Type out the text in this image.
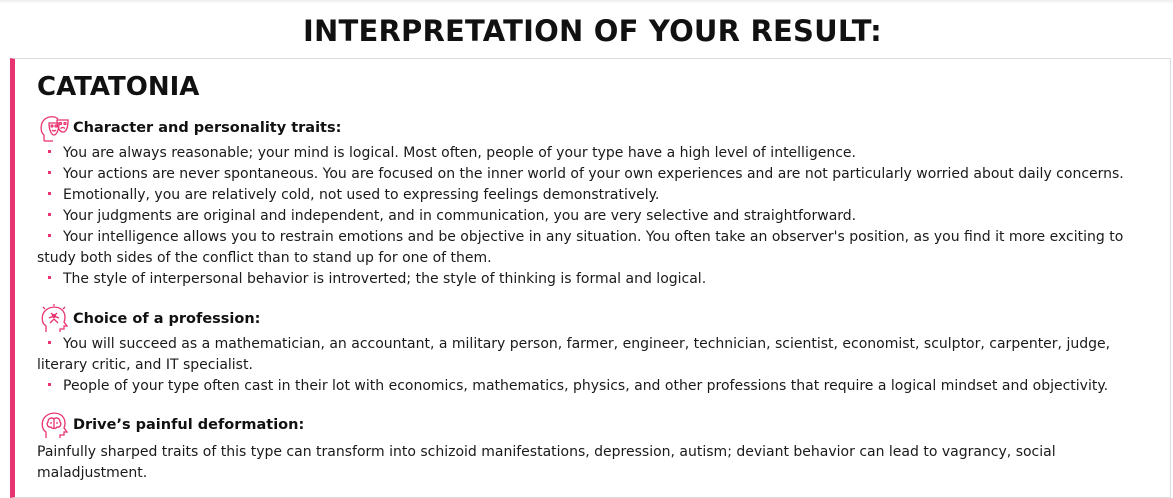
INTERPRETATION OF YOUR RESULT:
CATATONIA
Character and personality traits:
You are always reasonable; your mind is logical. Most often, people of your type have a high level of intelligence.
Your actions are never spontaneous. You are focused on the inner world of your own experiences and are not particularly worried about daily concerns.
Emotionally, you are relatively cold, not used to expressing feelings demonstratively.
Your judgments are original and independent, and in communication, you are very selective and straightforward.
Your intelligence allows you to restrain emotions and be objective in any situation. You often take an observer's position, as you find it more exciting to study both sides of the conflict than to stand up for one of them.
The style of interpersonal behavior is introverted; the style of thinking is formal and logical.
Choice of a profession:
You will succeed as a mathematician, an accountant, a military person, farmer, engineer, technician, scientist, economist, sculptor, carpenter, judge, literary critic, and IT specialist.
People of your type often cast in their lot with economics, mathematics, physics, and other professions that require a logical mindset and objectivity.
Drive’s painful deformation:
Painfully sharped traits of this type can transform into schizoid manifestations, depression, autism; deviant behavior can lead to vagrancy, social maladjustment.
